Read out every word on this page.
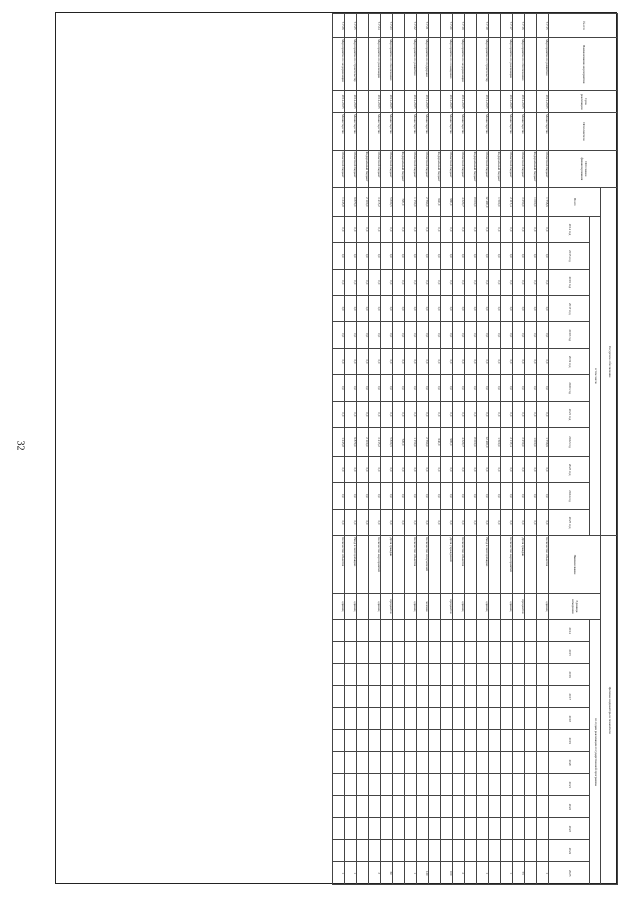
32
№ п/п	Наименование мероприятия	Срок реализации	Исполнители	Источники финансирования	Ресурсное обеспечение													Целевые индикаторы и показатели													
					Всего	в том числе												Наименование	Единица измерения	по годам реализации государственной программы											
						2014 год	2015 год	2016 год	2017 год	2018 год	2019 год	2020 год	2021 год	2022 год	2023 год	2024 год	2025 год			2014	2015	2016	2017	2018	2019	2020	2021	2022	2023	2024	2025
7.7.15	Мероприятие по развитию	2014-2025	Министерство	Областной бюджет	1 758,6	0,0	0,0	0,0	0,0	0,0	0,0	0,0	0,0	1 758,6	0,0	0,0	0,0	Количество объектов	единиц												1
				Федеральный бюджет	1 000,0	0,0	0,0	0,0	0,0	0,0	0,0	0,0	0,0	1 000,0	0,0	0,0	0,0														
7.7.16	Мероприятие по обеспечению	2014-2025	Министерство	Областной бюджет	3 250,0	0,0	0,0	0,0	0,0	0,0	0,0	0,0	0,0	3 250,0	0,0	0,0	0,0	Доля граждан	процентов												55
7.7.17	Мероприятие по реализации	2014-2025	Министерство	Областной бюджет	2 117,4	0,0	0,0	0,0	0,0	0,0	0,0	0,0	0,0	2 117,4	0,0	0,0	0,0	Количество мероприятий	единиц												1
				Федеральный бюджет	1 500,0	0,0	0,0	0,0	0,0	0,0	0,0	0,0	0,0	1 500,0	0,0	0,0	0,0														
7.7.18	Мероприятие по строительству	2014-2025	Министерство	Областной бюджет	12 400,0	0,0	0,0	0,0	0,0	0,0	0,0	0,0	0,0	12 400,0	0,0	0,0	0,0	Ввод в эксплуатацию	единиц												1
				Федеральный бюджет	8 000,0	0,0	0,0	0,0	0,0	0,0	0,0	0,0	0,0	8 000,0	0,0	0,0	0,0														
7.7.19	Мероприятие по модернизации	2014-2025	Министерство	Областной бюджет	4 320,7	0,0	0,0	0,0	0,0	0,0	0,0	0,0	0,0	4 320,7	0,0	0,0	0,0	Количество объектов	единиц												2
7.7.20	Мероприятие по оснащению	2014-2025	Министерство	Областной бюджет	980,0	0,0	0,0	0,0	0,0	0,0	0,0	0,0	0,0	980,0	0,0	0,0	0,0	Доля учреждений	процентов												100
				Федеральный бюджет	640,0	0,0	0,0	0,0	0,0	0,0	0,0	0,0	0,0	640,0	0,0	0,0	0,0														
7.7.21	Мероприятие по поддержке	2014-2025	Министерство	Областной бюджет	2 760,0	0,0	0,0	0,0	0,0	0,0	0,0	0,0	0,0	2 760,0	0,0	0,0	0,0	Количество получателей	человек												120
7.7.22	Мероприятие по развитию	2014-2025	Министерство	Областной бюджет	1 150,0	0,0	0,0	0,0	0,0	0,0	0,0	0,0	0,0	1 150,0	0,0	0,0	0,0	Количество объектов	единиц												1
				Федеральный бюджет	720,0	0,0	0,0	0,0	0,0	0,0	0,0	0,0	0,0	720,0	0,0	0,0	0,0														
7.7.23	Мероприятие по обеспечению	2014-2025	Министерство	Областной бюджет	5 830,5	0,0	0,0	0,0	0,0	0,0	0,0	0,0	0,0	5 830,5	0,0	0,0	0,0	Доля граждан	процентов												60
7.7.24	Мероприятие по реализации	2014-2025	Министерство	Областной бюджет	3 415,2	0,0	0,0	0,0	0,0	0,0	0,0	0,0	0,0	3 415,2	0,0	0,0	0,0	Количество мероприятий	единиц												3
				Федеральный бюджет	2 100,0	0,0	0,0	0,0	0,0	0,0	0,0	0,0	0,0	2 100,0	0,0	0,0	0,0														
7.7.25	Мероприятие по строительству	2014-2025	Министерство	Областной бюджет	9 870,0	0,0	0,0	0,0	0,0	0,0	0,0	0,0	0,0	9 870,0	0,0	0,0	0,0	Ввод в эксплуатацию	единиц												1
7.7.26	Мероприятие по модернизации	2014-2025	Министерство	Областной бюджет	1 245,8	0,0	0,0	0,0	0,0	0,0	0,0	0,0	0,0	1 245,8	0,0	0,0	0,0	Количество объектов	единиц												1
